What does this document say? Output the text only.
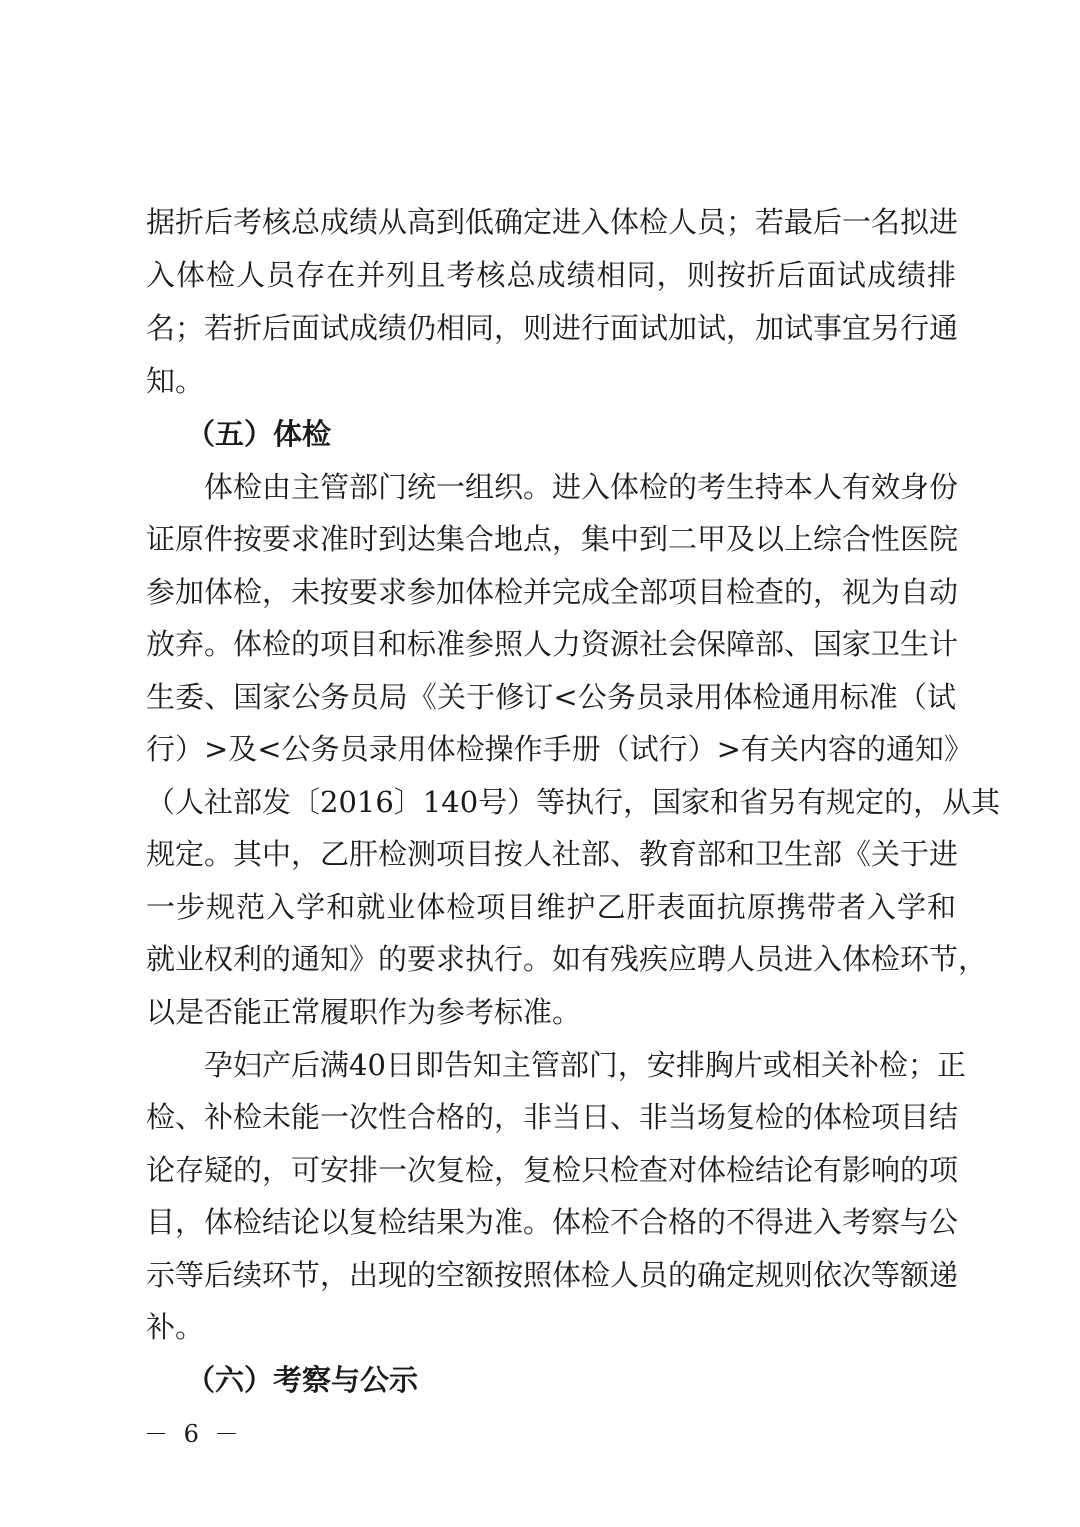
据折后考核总成绩从高到低确定进入体检人员；若最后一名拟进
入体检人员存在并列且考核总成绩相同，则按折后面试成绩排
名；若折后面试成绩仍相同，则进行面试加试，加试事宜另行通
知。
（五）体检
体检由主管部门统一组织。进入体检的考生持本人有效身份
证原件按要求准时到达集合地点，集中到二甲及以上综合性医院
参加体检，未按要求参加体检并完成全部项目检查的，视为自动
放弃。体检的项目和标准参照人力资源社会保障部、国家卫生计
生委、国家公务员局《关于修订<公务员录用体检通用标准（试
行）>及<公务员录用体检操作手册（试行）>有关内容的通知》
（人社部发〔2016〕140号）等执行，国家和省另有规定的，从其
规定。其中，乙肝检测项目按人社部、教育部和卫生部《关于进
一步规范入学和就业体检项目维护乙肝表面抗原携带者入学和
就业权利的通知》的要求执行。如有残疾应聘人员进入体检环节，
以是否能正常履职作为参考标准。
孕妇产后满40日即告知主管部门，安排胸片或相关补检；正
检、补检未能一次性合格的，非当日、非当场复检的体检项目结
论存疑的，可安排一次复检，复检只检查对体检结论有影响的项
目，体检结论以复检结果为准。体检不合格的不得进入考察与公
示等后续环节，出现的空额按照体检人员的确定规则依次等额递
补。
（六）考察与公示
－ 6 －
